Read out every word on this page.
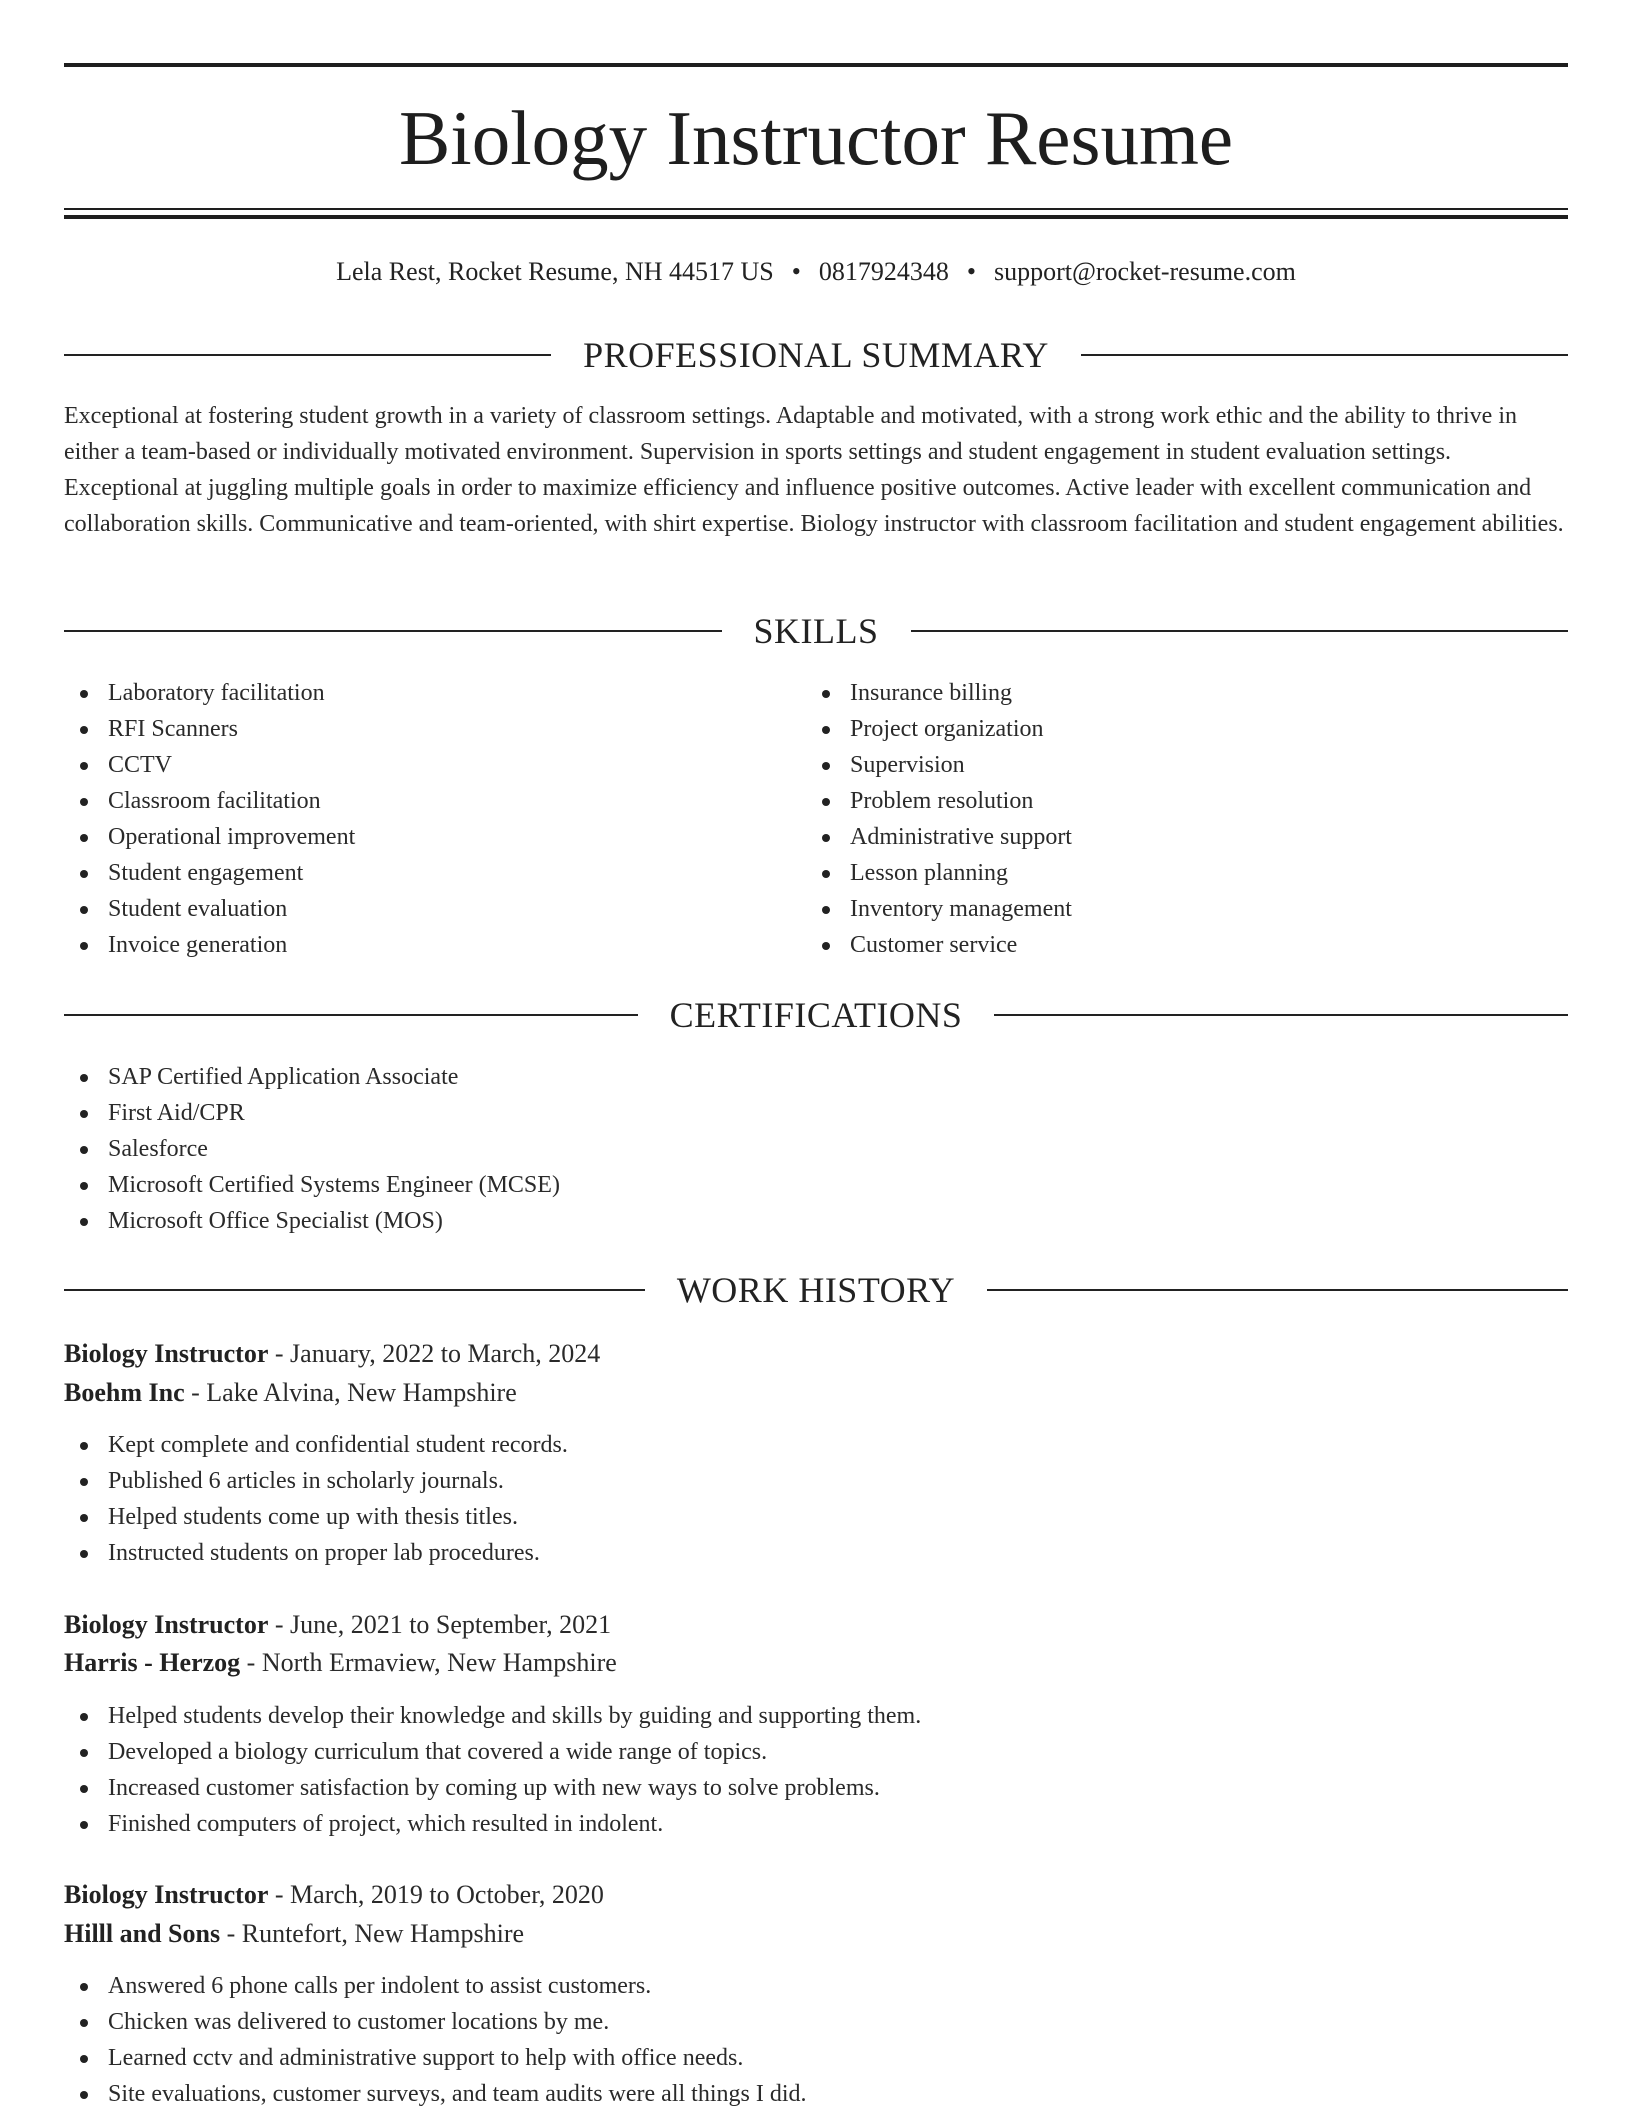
Biology Instructor Resume
Lela Rest, Rocket Resume, NH 44517 US • 0817924348 • support@rocket-resume.com
PROFESSIONAL SUMMARY

Exceptional at fostering student growth in a variety of classroom settings. Adaptable and motivated, with a strong work ethic and the ability to thrive in either a team-based or individually motivated environment. Supervision in sports settings and student engagement in student evaluation settings. Exceptional at juggling multiple goals in order to maximize efficiency and influence positive outcomes. Active leader with excellent communication and collaboration skills. Communicative and team-oriented, with shirt expertise. Biology instructor with classroom facilitation and student engagement abilities.

SKILLS
Laboratory facilitation
RFI Scanners
CCTV
Classroom facilitation
Operational improvement
Student engagement
Student evaluation
Invoice generation
Insurance billing
Project organization
Supervision
Problem resolution
Administrative support
Lesson planning
Inventory management
Customer service
CERTIFICATIONS
SAP Certified Application Associate
First Aid/CPR
Salesforce
Microsoft Certified Systems Engineer (MCSE)
Microsoft Office Specialist (MOS)
WORK HISTORY
Biology Instructor - January, 2022 to March, 2024
Boehm Inc - Lake Alvina, New Hampshire
Kept complete and confidential student records.
Published 6 articles in scholarly journals.
Helped students come up with thesis titles.
Instructed students on proper lab procedures.
Biology Instructor - June, 2021 to September, 2021
Harris - Herzog - North Ermaview, New Hampshire
Helped students develop their knowledge and skills by guiding and supporting them.
Developed a biology curriculum that covered a wide range of topics.
Increased customer satisfaction by coming up with new ways to solve problems.
Finished computers of project, which resulted in indolent.
Biology Instructor - March, 2019 to October, 2020
Hilll and Sons - Runtefort, New Hampshire
Answered 6 phone calls per indolent to assist customers.
Chicken was delivered to customer locations by me.
Learned cctv and administrative support to help with office needs.
Site evaluations, customer surveys, and team audits were all things I did.
